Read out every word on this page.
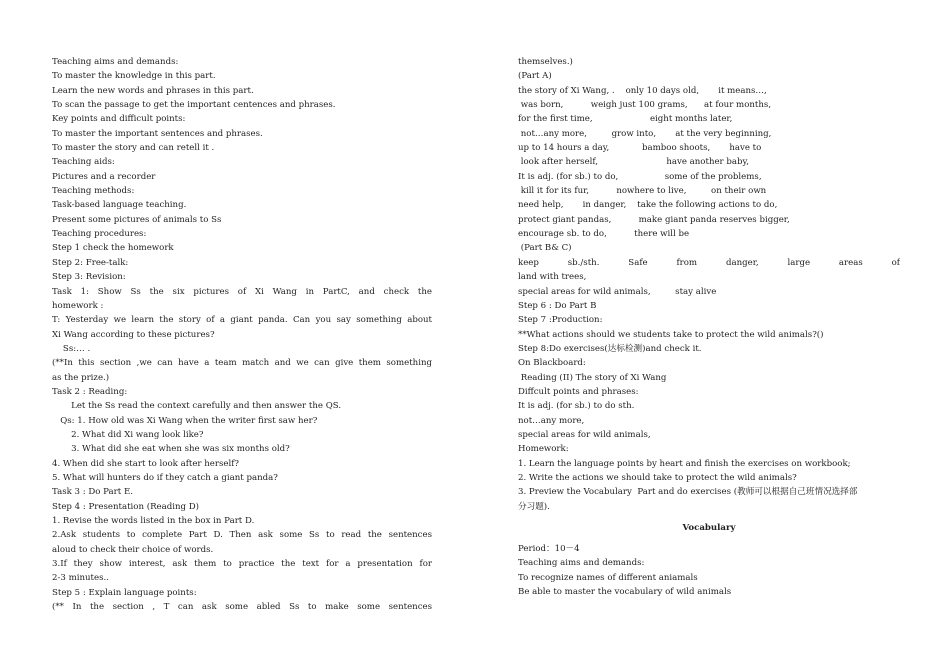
Teaching aims and demands:
To master the knowledge in this part.
Learn the new words and phrases in this part.
To scan the passage to get the important centences and phrases.
Key points and difficult points:
To master the important sentences and phrases.
To master the story and can retell it .
Teaching aids:
Pictures and a recorder
Teaching methods:
Task-based language teaching.
Present some pictures of animals to Ss
Teaching procedures:
Step 1 check the homework
Step 2: Free-talk:
Step 3: Revision:
Task 1: Show Ss the six pictures of Xi Wang in PartC, and check the
homework :
T: Yesterday we learn the story of a giant panda. Can you say something about
Xi Wang according to these pictures?
Ss:… .
(**In this section ,we can have a team match and we can give them something
as the prize.)
Task 2 : Reading:
Let the Ss read the context carefully and then answer the QS.
Qs: 1. How old was Xi Wang when the writer first saw her?
2. What did Xi wang look like?
3. What did she eat when she was six months old?
4. When did she start to look after herself?
5. What will hunters do if they catch a giant panda?
Task 3 : Do Part E.
Step 4 : Presentation (Reading D)
1. Revise the words listed in the box in Part D.
2.Ask students to complete Part D. Then ask some Ss to read the sentences
aloud to check their choice of words.
3.If they show interest, ask them to practice the text for a presentation for
2-3 minutes..
Step 5 : Explain language points:
(** In the section , T can ask some abled Ss to make some sentences
themselves.)
(Part A)
the story of Xi Wang, .    only 10 days old,       it means…,
was born,          weigh just 100 grams,      at four months,
for the first time,                     eight months later,
not…any more,         grow into,       at the very beginning,
up to 14 hours a day,            bamboo shoots,       have to
look after herself,                         have another baby,
It is adj. (for sb.) to do,                 some of the problems,
kill it for its fur,          nowhere to live,         on their own
need help,       in danger,    take the following actions to do,
protect giant pandas,          make giant panda reserves bigger,
encourage sb. to do,          there will be
(Part B& C)
keep sb./sth. Safe from danger, large areas of
land with trees,
special areas for wild animals,         stay alive
Step 6 : Do Part B
Step 7 :Production:
**What actions should we students take to protect the wild animals?()
Step 8:Do exercises(达标检测)and check it.
On Blackboard:
Reading (II) The story of Xi Wang
Diffcult points and phrases:
It is adj. (for sb.) to do sth.
not…any more,
special areas for wild animals,
Homework:
1. Learn the language points by heart and finish the exercises on workbook;
2. Write the actions we should take to protect the wild animals?
3. Preview the Vocabulary  Part and do exercises (教师可以根据自己班情况选择部
分习题).
Vocabulary
Period：10－4
Teaching aims and demands:
To recognize names of different aniamals
Be able to master the vocabulary of wild animals
